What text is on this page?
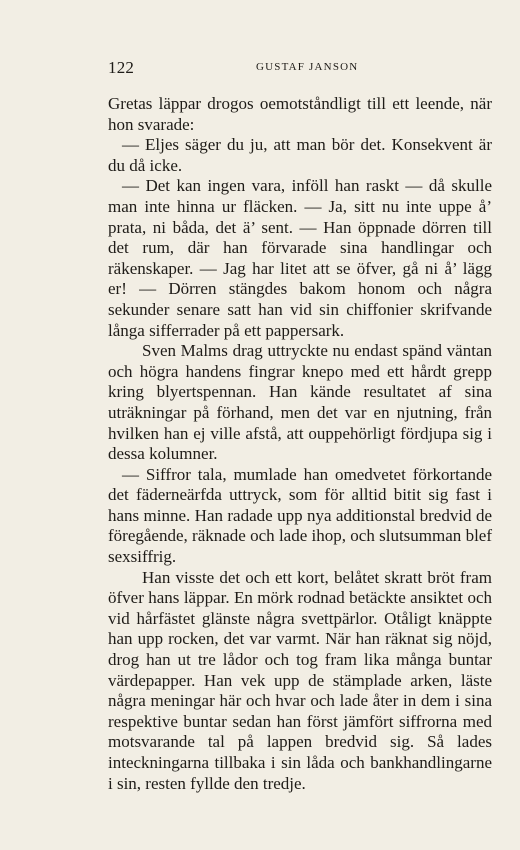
122	GUSTAF JANSON

Gretas läppar drogos oemotståndligt till ett leende, när hon svarade:

— Eljes säger du ju, att man bör det. Konsekvent är du då icke.

— Det kan ingen vara, inföll han raskt — då skulle man inte hinna ur fläcken. — Ja, sitt nu inte uppe å’ prata, ni båda, det ä’ sent. — Han öppnade dörren till det rum, där han förvarade sina handlingar och räkenskaper. — Jag har litet att se öfver, gå ni å’ lägg er! — Dörren stängdes bakom honom och några sekunder senare satt han vid sin chiffonier skrifvande långa sifferrader på ett pappersark.

Sven Malms drag uttryckte nu endast spänd väntan och högra handens fingrar knepo med ett hårdt grepp kring blyertspennan. Han kände resultatet af sina uträkningar på förhand, men det var en njutning, från hvilken han ej ville afstå, att ouppehörligt fördjupa sig i dessa kolumner.

— Siffror tala, mumlade han omedvetet förkortande det fäderneärfda uttryck, som för alltid bitit sig fast i hans minne. Han radade upp nya additionstal bredvid de föregående, räknade och lade ihop, och slutsumman blef sexsiffrig.

Han visste det och ett kort, belåtet skratt bröt fram öfver hans läppar. En mörk rodnad betäckte ansiktet och vid hårfästet glänste några svettpärlor. Otåligt knäppte han upp rocken, det var varmt. När han räknat sig nöjd, drog han ut tre lådor och tog fram lika många buntar värdepapper. Han vek upp de stämplade arken, läste några meningar här och hvar och lade åter in dem i sina respektive buntar sedan han först jämfört siffrorna med motsvarande tal på lappen bredvid sig. Så lades inteckningarna tillbaka i sin låda och bankhandlingarne i sin, resten fyllde den tredje.
